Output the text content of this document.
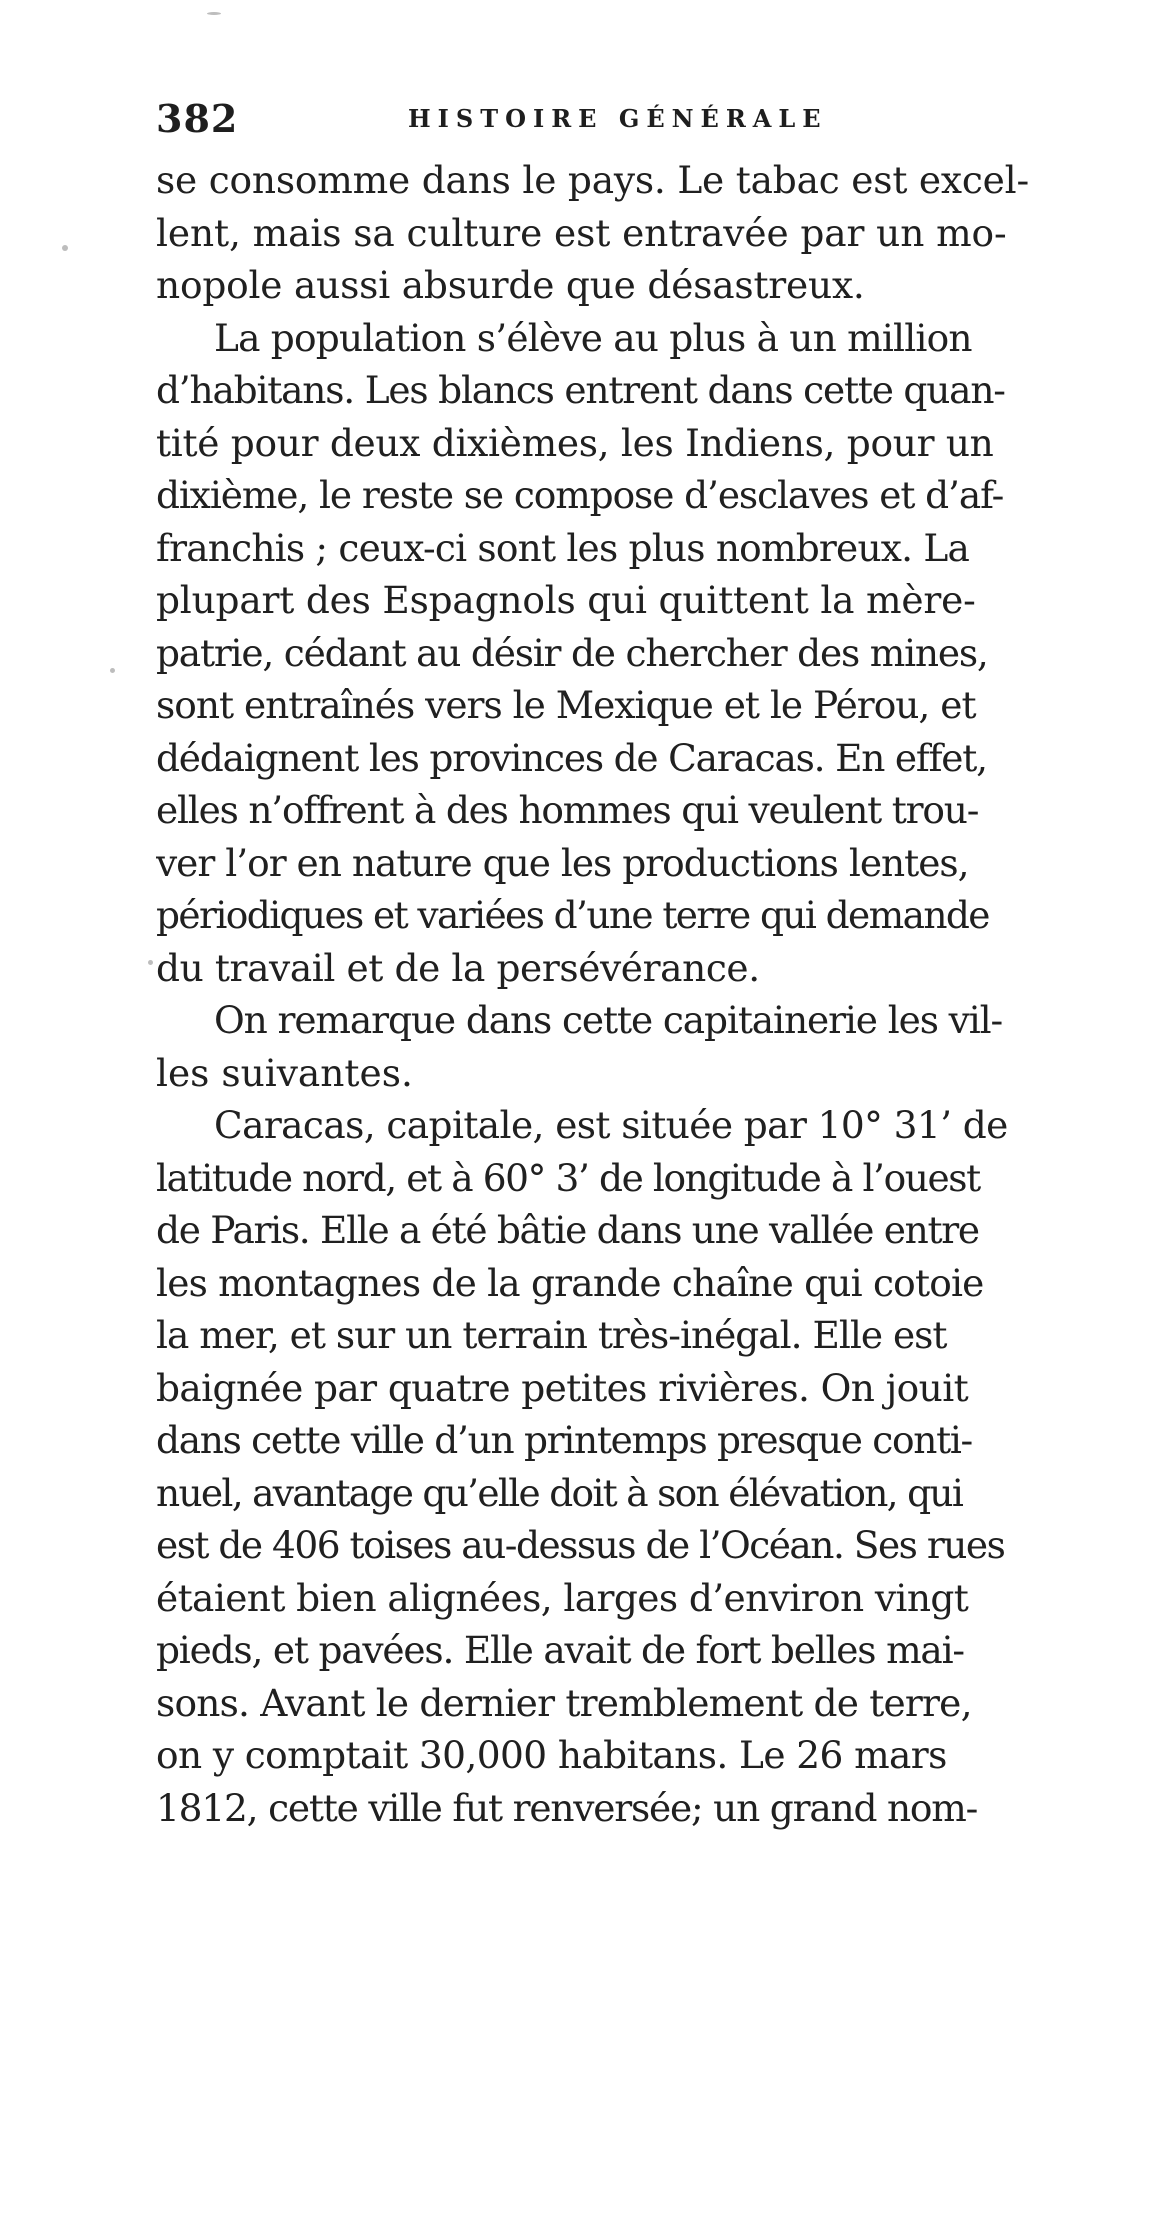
382	HISTOIRE GÉNÉRALE
se consomme dans le pays. Le tabac est excel-
lent, mais sa culture est entravée par un mo-
nopole aussi absurde que désastreux.
La population s’élève au plus à un million
d’habitans. Les blancs entrent dans cette quan-
tité pour deux dixièmes, les Indiens, pour un
dixième, le reste se compose d’esclaves et d’af-
franchis ; ceux-ci sont les plus nombreux. La
plupart des Espagnols qui quittent la mère-
patrie, cédant au désir de chercher des mines,
sont entraînés vers le Mexique et le Pérou, et
dédaignent les provinces de Caracas. En effet,
elles n’offrent à des hommes qui veulent trou-
ver l’or en nature que les productions lentes,
périodiques et variées d’une terre qui demande
du travail et de la persévérance.
On remarque dans cette capitainerie les vil-
les suivantes.
Caracas, capitale, est située par 10° 31’ de
latitude nord, et à 60° 3’ de longitude à l’ouest
de Paris. Elle a été bâtie dans une vallée entre
les montagnes de la grande chaîne qui cotoie
la mer, et sur un terrain très-inégal. Elle est
baignée par quatre petites rivières. On jouit
dans cette ville d’un printemps presque conti-
nuel, avantage qu’elle doit à son élévation, qui
est de 406 toises au-dessus de l’Océan. Ses rues
étaient bien alignées, larges d’environ vingt
pieds, et pavées. Elle avait de fort belles mai-
sons. Avant le dernier tremblement de terre,
on y comptait 30,000 habitans. Le 26 mars
1812, cette ville fut renversée; un grand nom-
